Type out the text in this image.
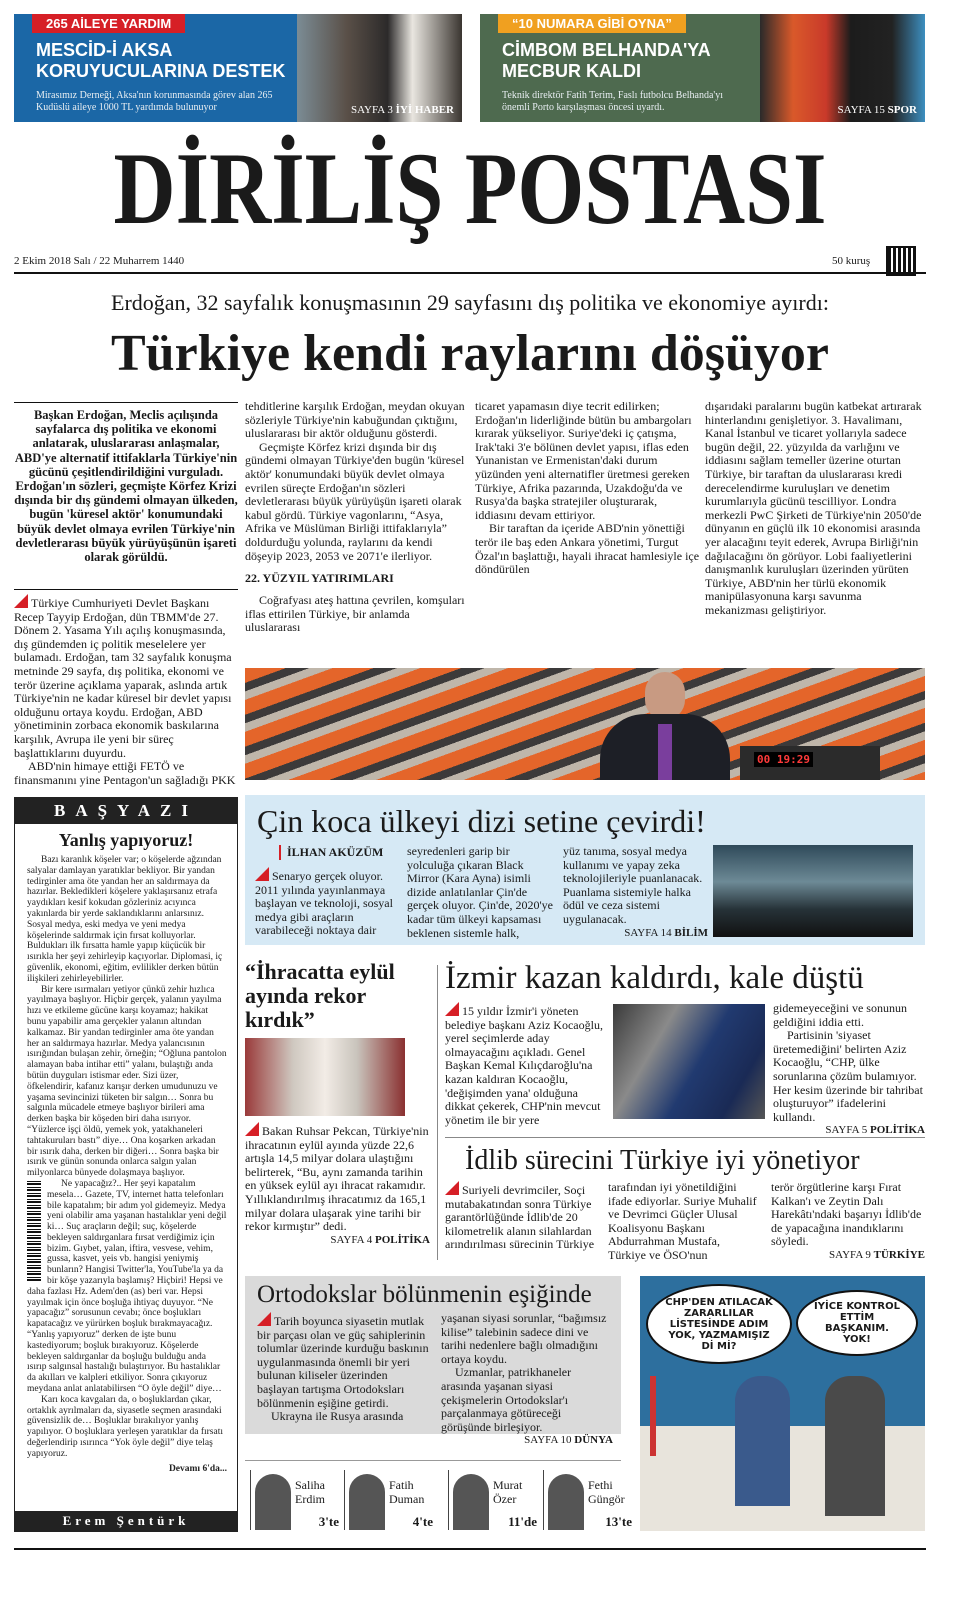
265 AİLEYE YARDIM
MESCİD-İ AKSA KORUYUCULARINA DESTEK
Mirasımız Derneği, Aksa'nın korunmasında görev alan 265 Kudüslü aileye 1000 TL yardımda bulunuyor	SAYFA 3 İYİ HABER
“10 NUMARA GİBİ OYNA”
CİMBOM BELHANDA'YA MECBUR KALDI
Teknik direktör Fatih Terim, Faslı futbolcu Belhanda'yı önemli Porto karşılaşması öncesi uyardı.	SAYFA 15 SPOR
DİRİLİŞ POSTASI
2 Ekim 2018 Salı / 22 Muharrem 1440	50 kuruş
Erdoğan, 32 sayfalık konuşmasının 29 sayfasını dış politika ve ekonomiye ayırdı:
Türkiye kendi raylarını döşüyor
Başkan Erdoğan, Meclis açılışında sayfalarca dış politika ve ekonomi anlatarak, uluslararası anlaşmalar, ABD'ye alternatif ittifaklarla Türkiye'nin gücünü çeşitlendirildiğini vurguladı. Erdoğan'ın sözleri, geçmişte Körfez Krizi dışında bir dış gündemi olmayan ülkeden, bugün 'küresel aktör' konumundaki büyük devlet olmaya evrilen Türkiye'nin devletlerarası büyük yürüyüşünün işareti olarak görüldü.
Türkiye Cumhuriyeti Devlet Başkanı Recep Tayyip Erdoğan, dün TBMM'de 27. Dönem 2. Yasama Yılı açılış konuşmasında, dış gündemden iç politik meselelere yer bulamadı. Erdoğan, tam 32 sayfalık konuşma metninde 29 sayfa, dış politika, ekonomi ve terör üzerine açıklama yaparak, aslında artık Türkiye'nin ne kadar küresel bir devlet yapısı olduğunu ortaya koydu. Erdoğan, ABD yönetiminin zorbaca ekonomik baskılarına karşılık, Avrupa ile yeni bir süreç başlattıklarını duyurdu.
ABD'nin himaye ettiği FETÖ ve finansmanını yine Pentagon'un sağladığı PKK
00 19:29
tehditlerine karşılık Erdoğan, meydan okuyan sözleriyle Türkiye'nin kabuğundan çıktığını, uluslararası bir aktör olduğunu gösterdi.
Geçmişte Körfez krizi dışında bir dış gündemi olmayan Türkiye'den bugün 'küresel aktör' konumundaki büyük devlet olmaya evrilen süreçte Erdoğan'ın sözleri devletlerarası büyük yürüyüşün işareti olarak kabul gördü. Türkiye vagonlarını, “Asya, Afrika ve Müslüman Birliği ittifaklarıyla” doldurduğu yolunda, raylarını da kendi döşeyip 2023, 2053 ve 2071'e ilerliyor.
22. YÜZYIL YATIRIMLARI
Coğrafyası ateş hattına çevrilen, komşuları iflas ettirilen Türkiye, bir anlamda uluslararası
ticaret yapamasın diye tecrit edilirken; Erdoğan'ın liderliğinde bütün bu ambargoları kırarak yükseliyor. Suriye'deki iç çatışma, Irak'taki 3'e bölünen devlet yapısı, iflas eden Yunanistan ve Ermenistan'daki durum yüzünden yeni alternatifler üretmesi gereken Türkiye, Afrika pazarında, Uzakdoğu'da ve Rusya'da başka stratejiler oluşturarak, iddiasını devam ettiriyor.
Bir taraftan da içeride ABD'nin yönettiği terör ile baş eden Ankara yönetimi, Turgut Özal'ın başlattığı, hayali ihracat hamlesiyle içe döndürülen
dışarıdaki paralarını bugün katbekat artırarak hinterlandını genişletiyor. 3. Havalimanı, Kanal İstanbul ve ticaret yollarıyla sadece bugün değil, 22. yüzyılda da varlığını ve iddiasını sağlam temeller üzerine oturtan Türkiye, bir taraftan da uluslararası kredi derecelendirme kuruluşları ve denetim kurumlarıyla gücünü tescilliyor. Londra merkezli PwC Şirketi de Türkiye'nin 2050'de dünyanın en güçlü ilk 10 ekonomisi arasında yer alacağını teyit ederek, Avrupa Birliği'nin dağılacağını ön görüyor. Lobi faaliyetlerini danışmanlık kuruluşları üzerinden yürüten Türkiye, ABD'nin her türlü ekonomik manipülasyonuna karşı savunma mekanizması geliştiriyor.
BAŞYAZI
Yanlış yapıyoruz!

Bazı karanlık köşeler var; o köşelerde ağzından salyalar damlayan yaratıklar bekliyor. Bir yandan tedirginler ama öte yandan her an saldırmaya da hazırlar. Bekledikleri köşelere yaklaşırsanız etrafa yaydıkları kesif kokudan gözleriniz acıyınca yakınlarda bir yerde saklandıklarını anlarsınız. Sosyal medya, eski medya ve yeni medya köşelerinde saldırmak için fırsat kolluyorlar. Buldukları ilk fırsatta hamle yapıp küçücük bir ısırıkla her şeyi zehirleyip kaçıyorlar. Diplomasi, iç güvenlik, ekonomi, eğitim, evlilikler derken bütün ilişkileri zehirleyebilirler.

Bir kere ısırmaları yetiyor çünkü zehir hızlıca yayılmaya başlıyor. Hiçbir gerçek, yalanın yayılma hızı ve etkileme gücüne karşı koyamaz; hakikat bunu yapabilir ama gerçekler yalanın altından kalkamaz. Bir yandan tedirginler ama öte yandan her an saldırmaya hazırlar. Medya yalancısının ısırığından bulaşan zehir, örneğin; “Oğluna pantolon alamayan baba intihar etti” yalanı, bulaştığı anda bütün duyguları istismar eder. Sizi üzer, öfkelendirir, kafanız karışır derken umudunuzu ve yaşama sevincinizi tüketen bir salgın… Sonra bu salgınla mücadele etmeye başlıyor birileri ama derken başka bir köşeden biri daha ısırıyor. “Yüzlerce işçi öldü, yemek yok, yatakhaneleri tahtakuruları bastı” diye… Ona koşarken arkadan bir ısırık daha, derken bir diğeri… Sonra başka bir ısırık ve günün sonunda onlarca salgın yalan milyonlarca bünyede dolaşmaya başlıyor.

Ne yapacağız?.. Her şeyi kapatalım mesela… Gazete, TV, internet hatta telefonları bile kapatalım; bir adım yol gidemeyiz. Medya yeni olabilir ama yaşanan hastalıklar yeni değil ki… Suç araçların değil; suç, köşelerde bekleyen saldırganlara fırsat verdiğimiz için bizim. Gıybet, yalan, iftira, vesvese, vehim, gussa, kasvet, yeis vb. hangisi yeniymiş bunların? Hangisi Twitter'la, YouTube'la ya da bir köşe yazarıyla başlamış? Hiçbiri! Hepsi ve daha fazlası Hz. Adem'den (as) beri var. Hepsi yayılmak için önce boşluğa ihtiyaç duyuyor. “Ne yapacağız” sorusunun cevabı; önce boşlukları kapatacağız ve yürürken boşluk bırakmayacağız. “Yanlış yapıyoruz” derken de işte bunu kastediyorum; boşluk bırakıyoruz. Köşelerde bekleyen saldırganlar da boşluğu bulduğu anda ısırıp salgınsal hastalığı bulaştırıyor. Bu hastalıklar da akılları ve kalpleri etkiliyor. Sonra çıkıyoruz meydana anlat anlatabilirsen “O öyle değil” diye…

Karı koca kavgaları da, o boşluklardan çıkar, ortaklık ayrılmaları da, siyasetle seçmen arasındaki güvensizlik de… Boşluklar bırakılıyor yanlış yapılıyor. O boşluklara yerleşen yaratıklar da fırsatı değerlendirip ısırınca “Yok öyle değil” diye telaş yapıyoruz.

Devamı 6'da...

Erem Şentürk
Çin koca ülkeyi dizi setine çevirdi!
İLHAN AKÜZÜM
Senaryo gerçek oluyor. 2011 yılında yayınlanmaya başlayan ve teknoloji, sosyal medya gibi araçların varabileceği noktaya dair
seyredenleri garip bir yolculuğa çıkaran Black Mirror (Kara Ayna) isimli dizide anlatılanlar Çin'de gerçek oluyor. Çin'de, 2020'ye kadar tüm ülkeyi kapsaması beklenen sistemle halk,
yüz tanıma, sosyal medya kullanımı ve yapay zeka teknolojileriyle puanlanacak. Puanlama sistemiyle halka ödül ve ceza sistemi uygulanacak.
SAYFA 14 BİLİM
“İhracatta eylül ayında rekor kırdık”
Bakan Ruhsar Pekcan, Türkiye'nin ihracatının eylül ayında yüzde 22,6 artışla 14,5 milyar dolara ulaştığını belirterek, “Bu, aynı zamanda tarihin en yüksek eylül ayı ihracat rakamıdır. Yıllıklandırılmış ihracatımız da 165,1 milyar dolara ulaşarak yine tarihi bir rekor kırmıştır” dedi.
SAYFA 4 POLİTİKA
İzmir kazan kaldırdı, kale düştü
15 yıldır İzmir'i yöneten belediye başkanı Aziz Kocaoğlu, yerel seçimlerde aday olmayacağını açıkladı. Genel Başkan Kemal Kılıçdaroğlu'na kazan kaldıran Kocaoğlu, 'değişimden yana' olduğuna dikkat çekerek, CHP'nin mevcut yönetim ile bir yere
gidemeyeceğini ve sonunun geldiğini iddia etti.
Partisinin 'siyaset üretemediğini' belirten Aziz Kocaoğlu, “CHP, ülke sorunlarına çözüm bulamıyor. Her kesim üzerinde bir tahribat oluşturuyor” ifadelerini kullandı.
SAYFA 5 POLİTİKA
İdlib sürecini Türkiye iyi yönetiyor
Suriyeli devrimciler, Soçi mutabakatından sonra Türkiye garantörlüğünde İdlib'de 20 kilometrelik alanın silahlardan arındırılması sürecinin Türkiye
tarafından iyi yönetildiğini ifade ediyorlar. Suriye Muhalif ve Devrimci Güçler Ulusal Koalisyonu Başkanı Abdurrahman Mustafa, Türkiye ve ÖSO'nun
terör örgütlerine karşı Fırat Kalkan'ı ve Zeytin Dalı Harekâtı'ndaki başarıyı İdlib'de de yapacağına inandıklarını söyledi.
SAYFA 9 TÜRKİYE
Ortodokslar bölünmenin eşiğinde
Tarih boyunca siyasetin mutlak bir parçası olan ve güç sahiplerinin tolumlar üzerinde kurduğu baskının uygulanmasında önemli bir yeri bulunan kiliseler üzerinden başlayan tartışma Ortodoksları bölünmenin eşiğine getirdi.
Ukrayna ile Rusya arasında
yaşanan siyasi sorunlar, “bağımsız kilise” talebinin sadece dini ve tarihi nedenlere bağlı olmadığını ortaya koydu.
Uzmanlar, patrikhaneler arasında yaşanan siyasi çekişmelerin Ortodokslar'ı parçalanmaya götüreceği görüşünde birleşiyor.
SAYFA 10 DÜNYA
CHP'DEN ATILACAK ZARARLILAR LİSTESİNDE ADIM YOK, YAZMAMIŞIZ Dİ Mİ?
İYİCE KONTROL ETTİM BAŞKANIM. YOK!
Saliha Erdim
3'te
Fatih Duman
4'te
Murat Özer
11'de
Fethi Güngör
13'te
